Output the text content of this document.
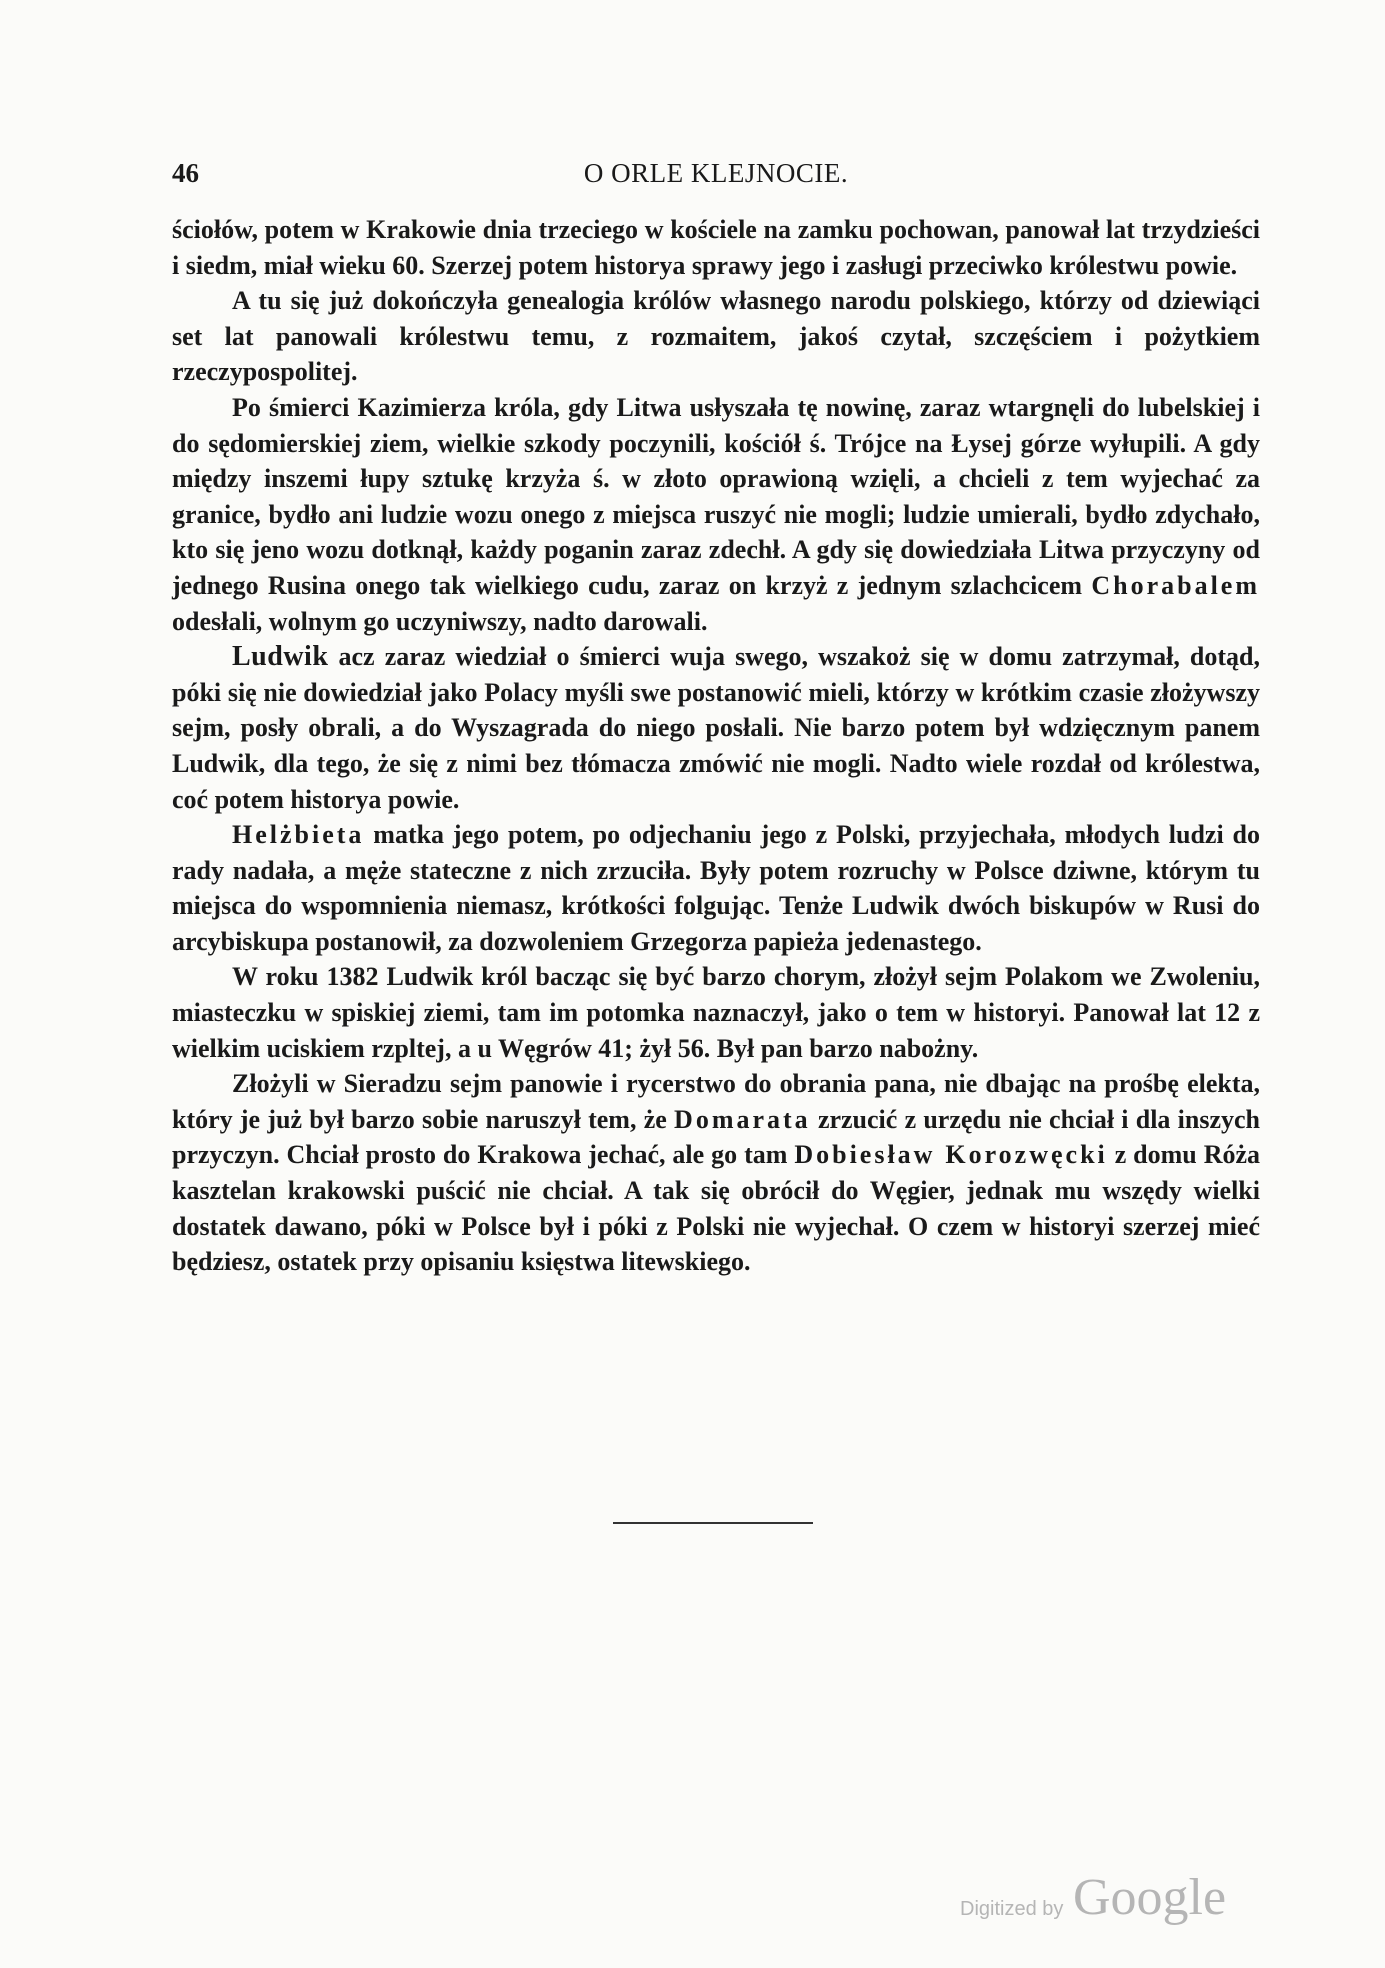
46	O ORLE KLEJNOCIE.

ściołów, potem w Krakowie dnia trzeciego w kościele na zamku pochowan, panował lat trzydzieści i siedm, miał wieku 60. Szerzej potem historya sprawy jego i zasługi przeciwko królestwu powie.

A tu się już dokończyła genealogia królów własnego narodu polskiego, którzy od dziewiąci set lat panowali królestwu temu, z rozmaitem, jakoś czytał, szczęściem i pożytkiem rzeczypospolitej.

Po śmierci Kazimierza króla, gdy Litwa usłyszała tę nowinę, zaraz wtargnęli do lubelskiej i do sędomierskiej ziem, wielkie szkody poczynili, kościół ś. Trójce na Łysej górze wyłupili. A gdy między inszemi łupy sztukę krzyża ś. w złoto oprawioną wzięli, a chcieli z tem wyjechać za granice, bydło ani ludzie wozu onego z miejsca ruszyć nie mogli; ludzie umierali, bydło zdychało, kto się jeno wozu dotknął, każdy poganin zaraz zdechł. A gdy się dowiedziała Litwa przyczyny od jednego Rusina onego tak wielkiego cudu, zaraz on krzyż z jednym szlachcicem Chorabalem odesłali, wolnym go uczyniwszy, nadto darowali.

Ludwik acz zaraz wiedział o śmierci wuja swego, wszakoż się w domu zatrzymał, dotąd, póki się nie dowiedział jako Polacy myśli swe postanowić mieli, którzy w krótkim czasie złożywszy sejm, posły obrali, a do Wyszagrada do niego posłali. Nie barzo potem był wdzięcznym panem Ludwik, dla tego, że się z nimi bez tłómacza zmówić nie mogli. Nadto wiele rozdał od królestwa, coć potem historya powie.

Helżbieta matka jego potem, po odjechaniu jego z Polski, przyjechała, młodych ludzi do rady nadała, a męże stateczne z nich zrzuciła. Były potem rozruchy w Polsce dziwne, którym tu miejsca do wspomnienia niemasz, krótkości folgując. Tenże Ludwik dwóch biskupów w Rusi do arcybiskupa postanowił, za dozwoleniem Grzegorza papieża jedenastego.

W roku 1382 Ludwik król bacząc się być barzo chorym, złożył sejm Polakom we Zwoleniu, miasteczku w spiskiej ziemi, tam im potomka naznaczył, jako o tem w historyi. Panował lat 12 z wielkim uciskiem rzpltej, a u Węgrów 41; żył 56. Był pan barzo nabożny.

Złożyli w Sieradzu sejm panowie i rycerstwo do obrania pana, nie dbając na prośbę elekta, który je już był barzo sobie naruszył tem, że Domarata zrzucić z urzędu nie chciał i dla inszych przyczyn. Chciał prosto do Krakowa jechać, ale go tam Dobiesław Korozwęcki z domu Róża kasztelan krakowski puścić nie chciał. A tak się obrócił do Węgier, jednak mu wszędy wielki dostatek dawano, póki w Polsce był i póki z Polski nie wyjechał. O czem w historyi szerzej mieć będziesz, ostatek przy opisaniu księstwa litewskiego.

Digitized by Google
